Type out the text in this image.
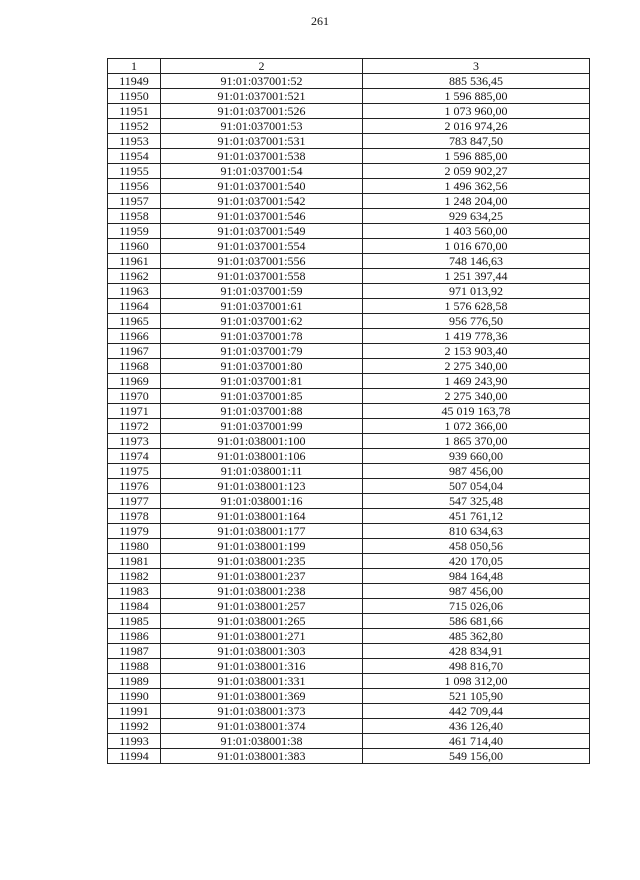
261
1	2	3
11949	91:01:037001:52	885 536,45
11950	91:01:037001:521	1 596 885,00
11951	91:01:037001:526	1 073 960,00
11952	91:01:037001:53	2 016 974,26
11953	91:01:037001:531	783 847,50
11954	91:01:037001:538	1 596 885,00
11955	91:01:037001:54	2 059 902,27
11956	91:01:037001:540	1 496 362,56
11957	91:01:037001:542	1 248 204,00
11958	91:01:037001:546	929 634,25
11959	91:01:037001:549	1 403 560,00
11960	91:01:037001:554	1 016 670,00
11961	91:01:037001:556	748 146,63
11962	91:01:037001:558	1 251 397,44
11963	91:01:037001:59	971 013,92
11964	91:01:037001:61	1 576 628,58
11965	91:01:037001:62	956 776,50
11966	91:01:037001:78	1 419 778,36
11967	91:01:037001:79	2 153 903,40
11968	91:01:037001:80	2 275 340,00
11969	91:01:037001:81	1 469 243,90
11970	91:01:037001:85	2 275 340,00
11971	91:01:037001:88	45 019 163,78
11972	91:01:037001:99	1 072 366,00
11973	91:01:038001:100	1 865 370,00
11974	91:01:038001:106	939 660,00
11975	91:01:038001:11	987 456,00
11976	91:01:038001:123	507 054,04
11977	91:01:038001:16	547 325,48
11978	91:01:038001:164	451 761,12
11979	91:01:038001:177	810 634,63
11980	91:01:038001:199	458 050,56
11981	91:01:038001:235	420 170,05
11982	91:01:038001:237	984 164,48
11983	91:01:038001:238	987 456,00
11984	91:01:038001:257	715 026,06
11985	91:01:038001:265	586 681,66
11986	91:01:038001:271	485 362,80
11987	91:01:038001:303	428 834,91
11988	91:01:038001:316	498 816,70
11989	91:01:038001:331	1 098 312,00
11990	91:01:038001:369	521 105,90
11991	91:01:038001:373	442 709,44
11992	91:01:038001:374	436 126,40
11993	91:01:038001:38	461 714,40
11994	91:01:038001:383	549 156,00
